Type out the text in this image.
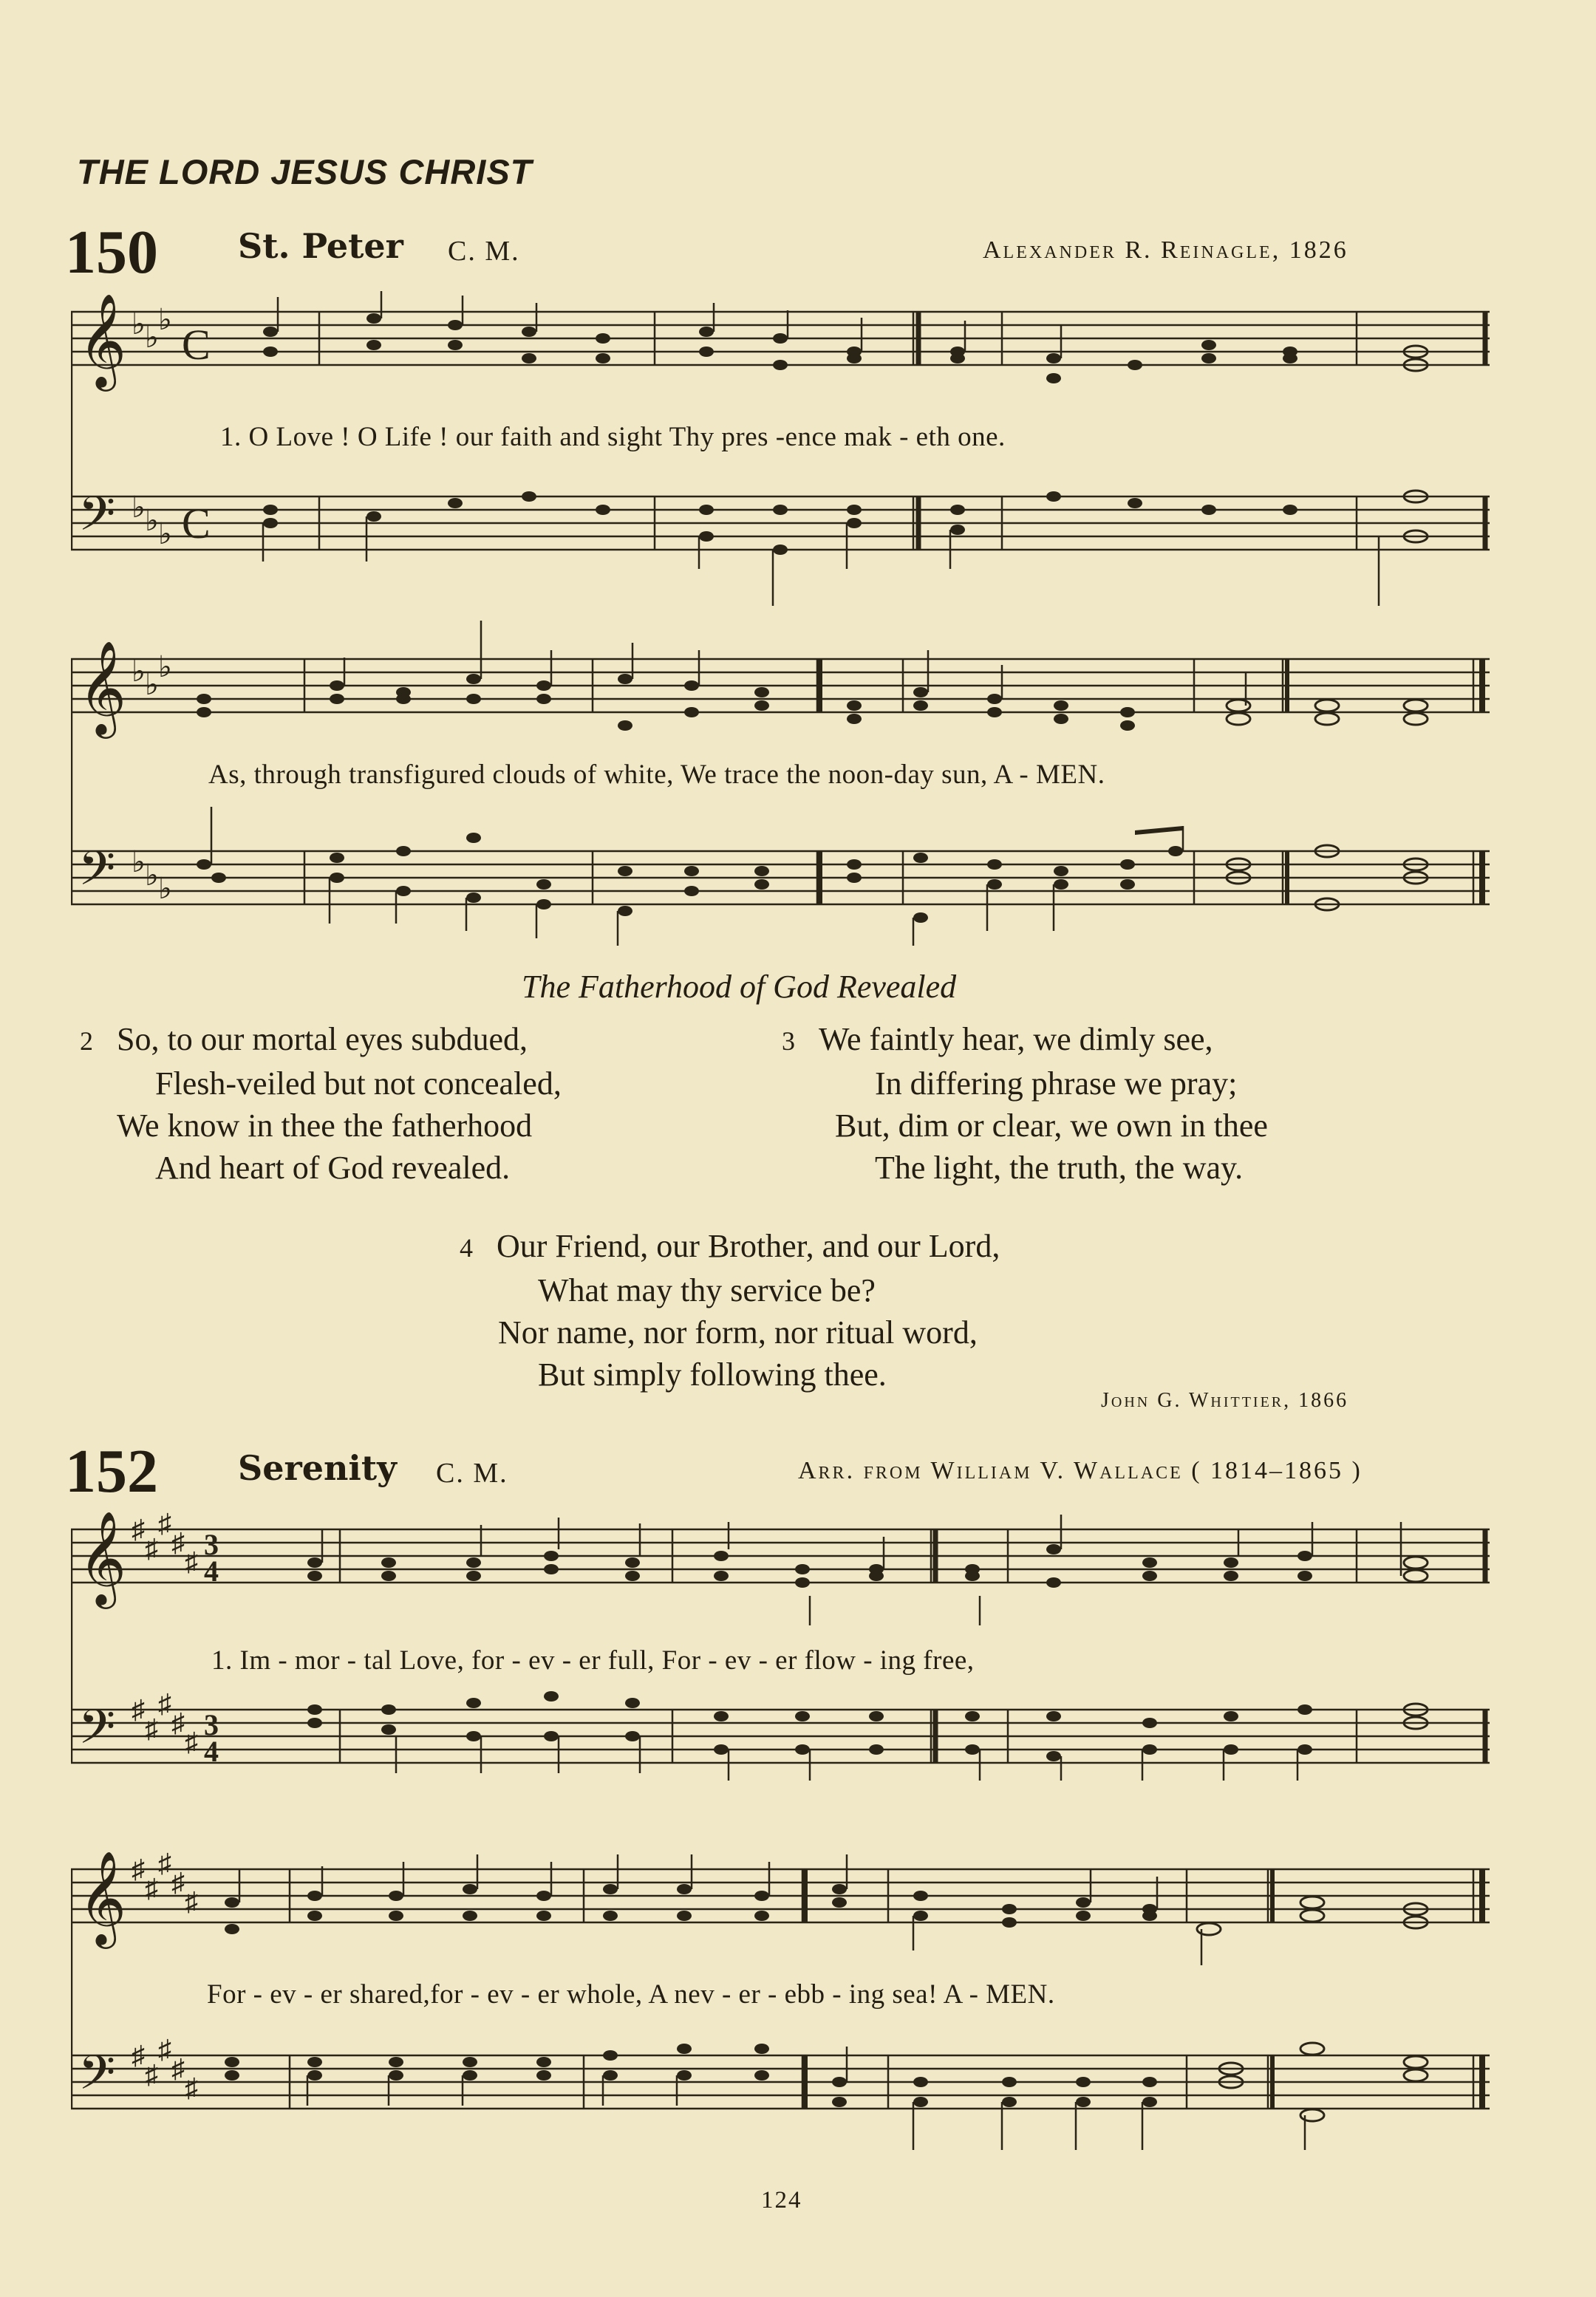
THE LORD JESUS CHRIST
150 St. Peter C. M.	Alexander R. Reinagle, 1826
𝄞
𝄢
♭ ♭
♭
C
♭ ♭ ♭ C
1. O Love ! O Life ! our faith and sight Thy pres -ence mak - eth one.
𝄞
𝄢
♭ ♭
♭
♭ ♭ ♭
As, through transfigured clouds of white, We trace the noon-day sun, A - MEN.
The Fatherhood of God Revealed
2 So, to our mortal eyes subdued,
Flesh-veiled but not concealed,
We know in thee the fatherhood
And heart of God revealed.
3 We faintly hear, we dimly see,
In differing phrase we pray;
But, dim or clear, we own in thee
The light, the truth, the way.
4 Our Friend, our Brother, and our Lord,
What may thy service be?
Nor name, nor form, nor ritual word,
But simply following thee.
John G. Whittier, 1866
152 Serenity C. M.	Arr. from William V. Wallace ( 1814–1865 )
𝄞
𝄢
♯
♯
♯
♯
♯
♯
♯
♯
♯
♯
3
4
3
4
1. Im - mor - tal Love, for - ev - er full, For - ev - er flow - ing free,
𝄞
𝄢
♯
♯
♯
♯
♯
♯
♯
♯
♯
♯
For - ev - er shared,for - ev - er whole, A nev - er - ebb - ing sea! A - MEN.
124
